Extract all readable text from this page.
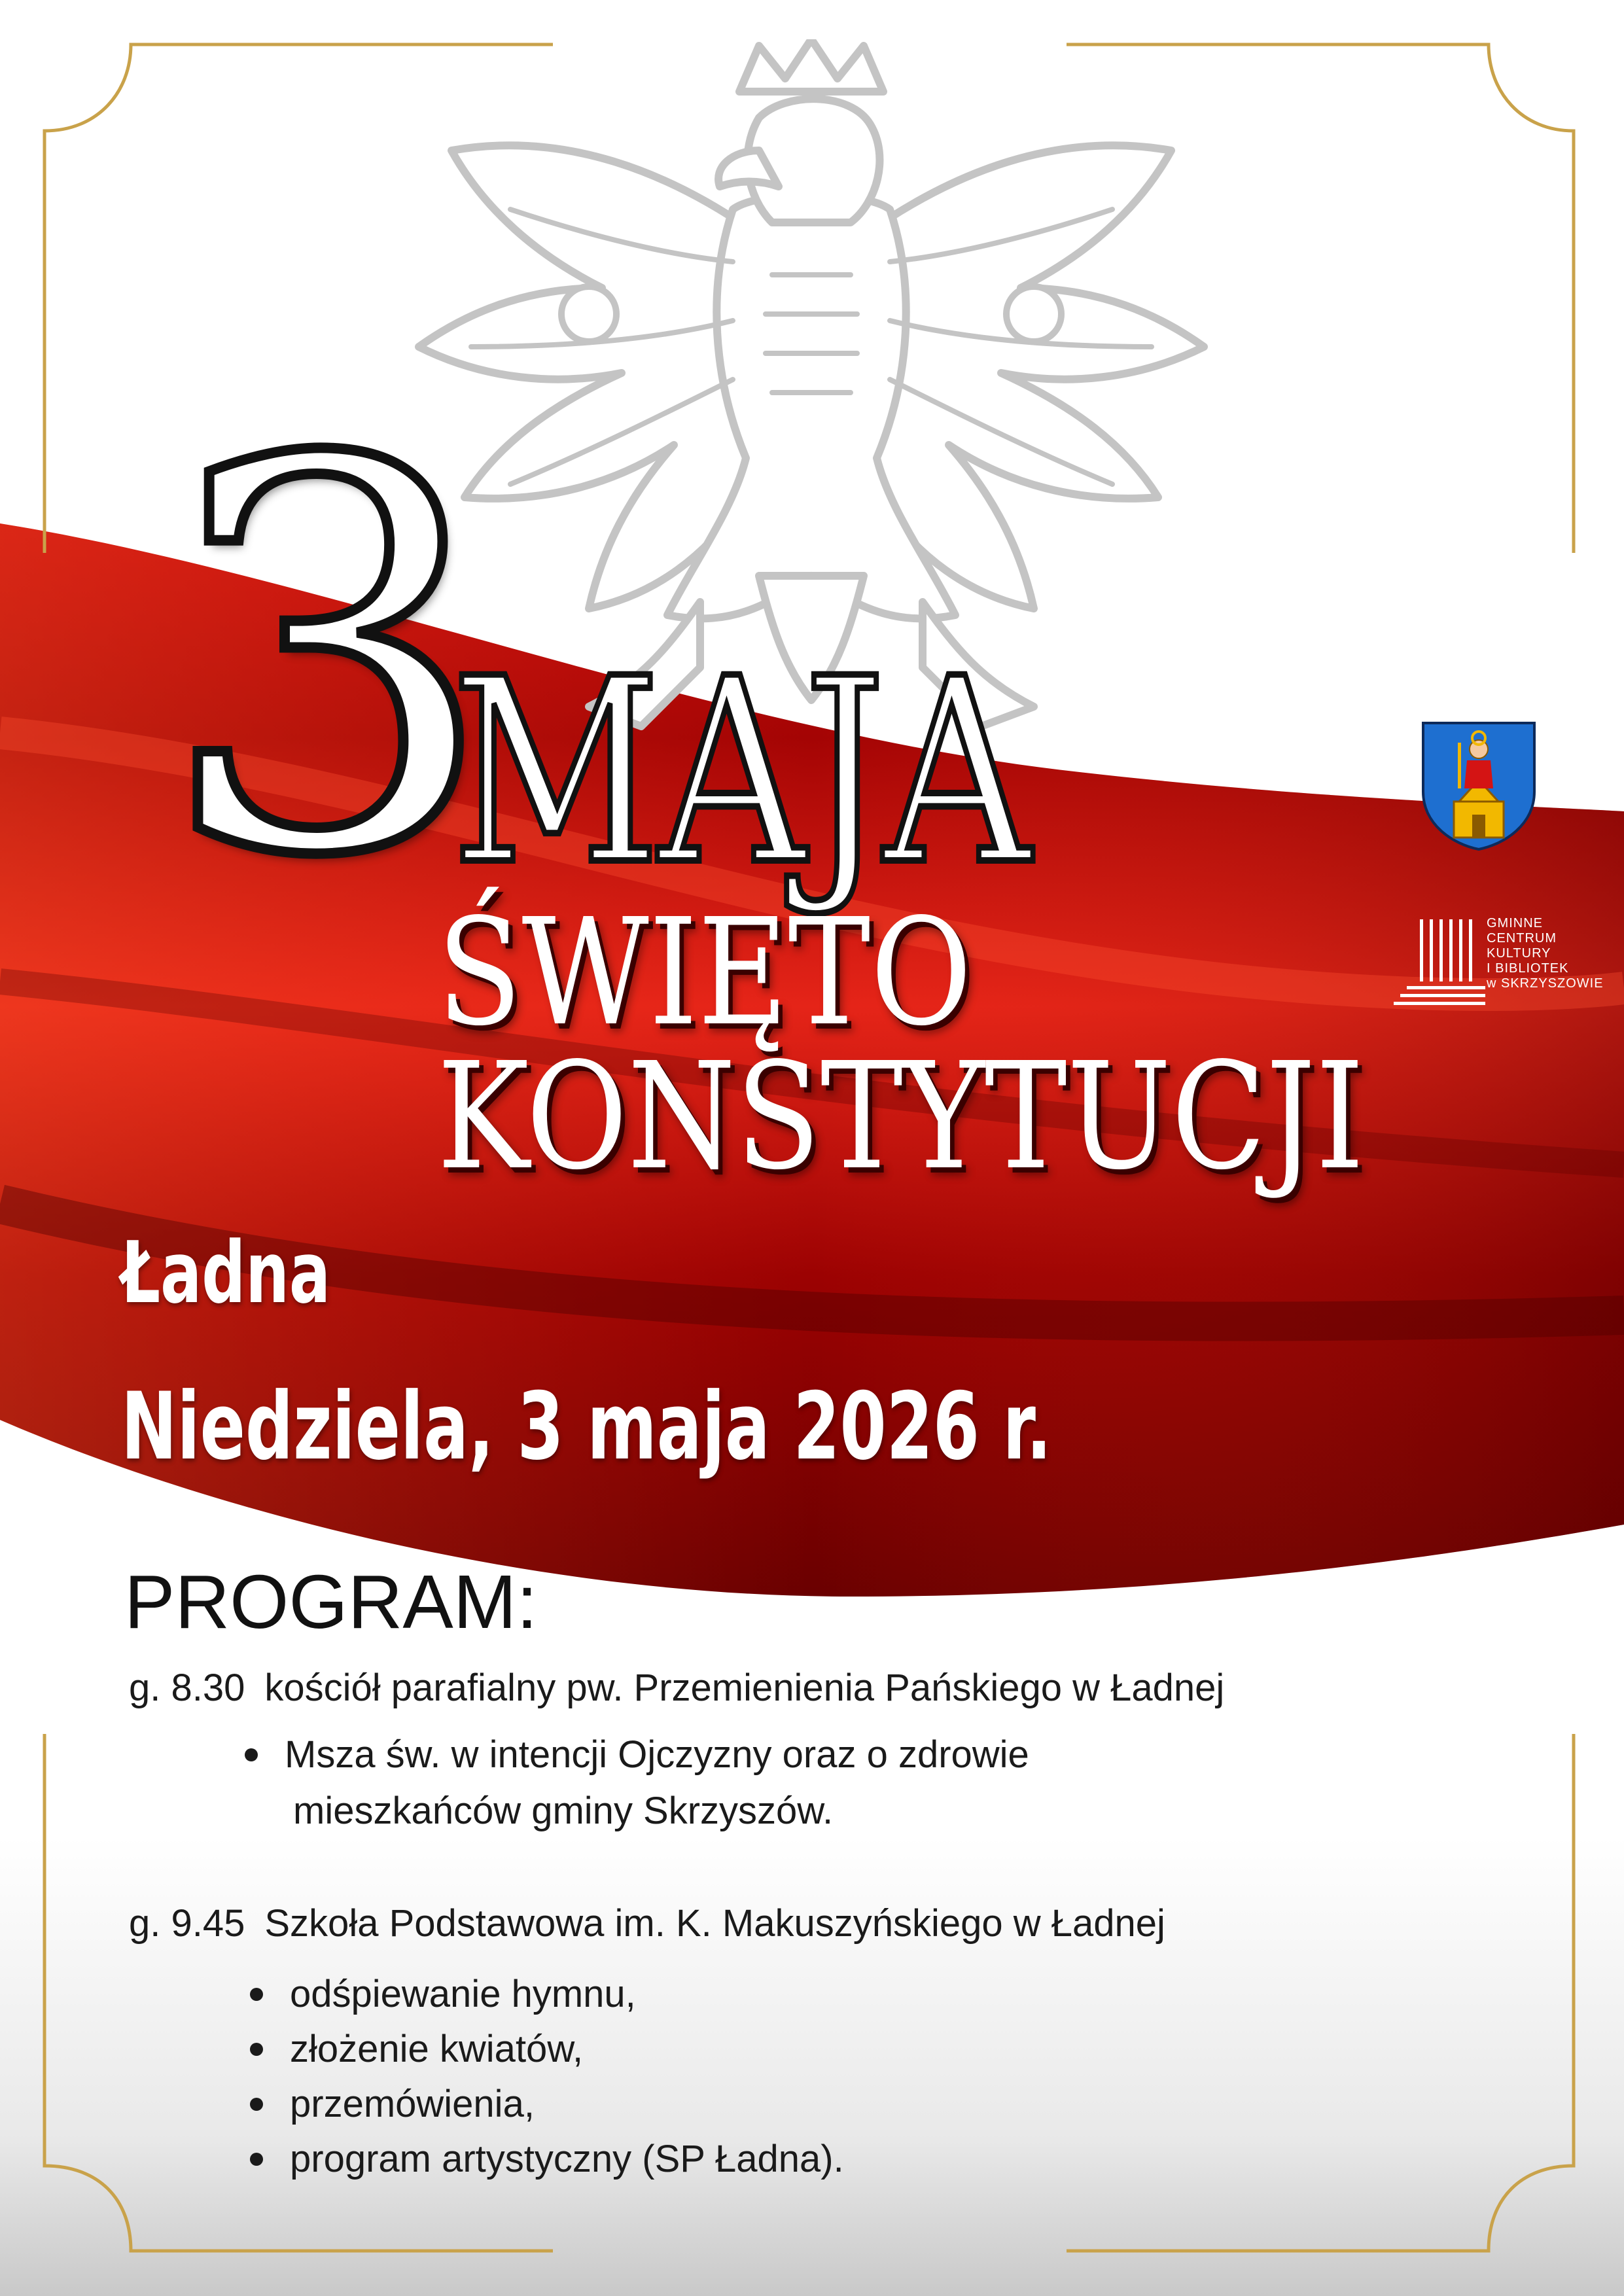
3
MAJA
ŚWIĘTO
KONSTYTUCJI
Ładna
Niedziela, 3 maja 2026 r.
GMINNE
CENTRUM
KULTURY
I BIBLIOTEK
w SKRZYSZOWIE
PROGRAM:
g. 8.30 kościół parafialny pw. Przemienienia Pańskiego w Ładnej
Msza św. w intencji Ojczyzny oraz o zdrowie
mieszkańców gminy Skrzyszów.
g. 9.45 Szkoła Podstawowa im. K. Makuszyńskiego w Ładnej
odśpiewanie hymnu,
złożenie kwiatów,
przemówienia,
program artystyczny (SP Ładna).
